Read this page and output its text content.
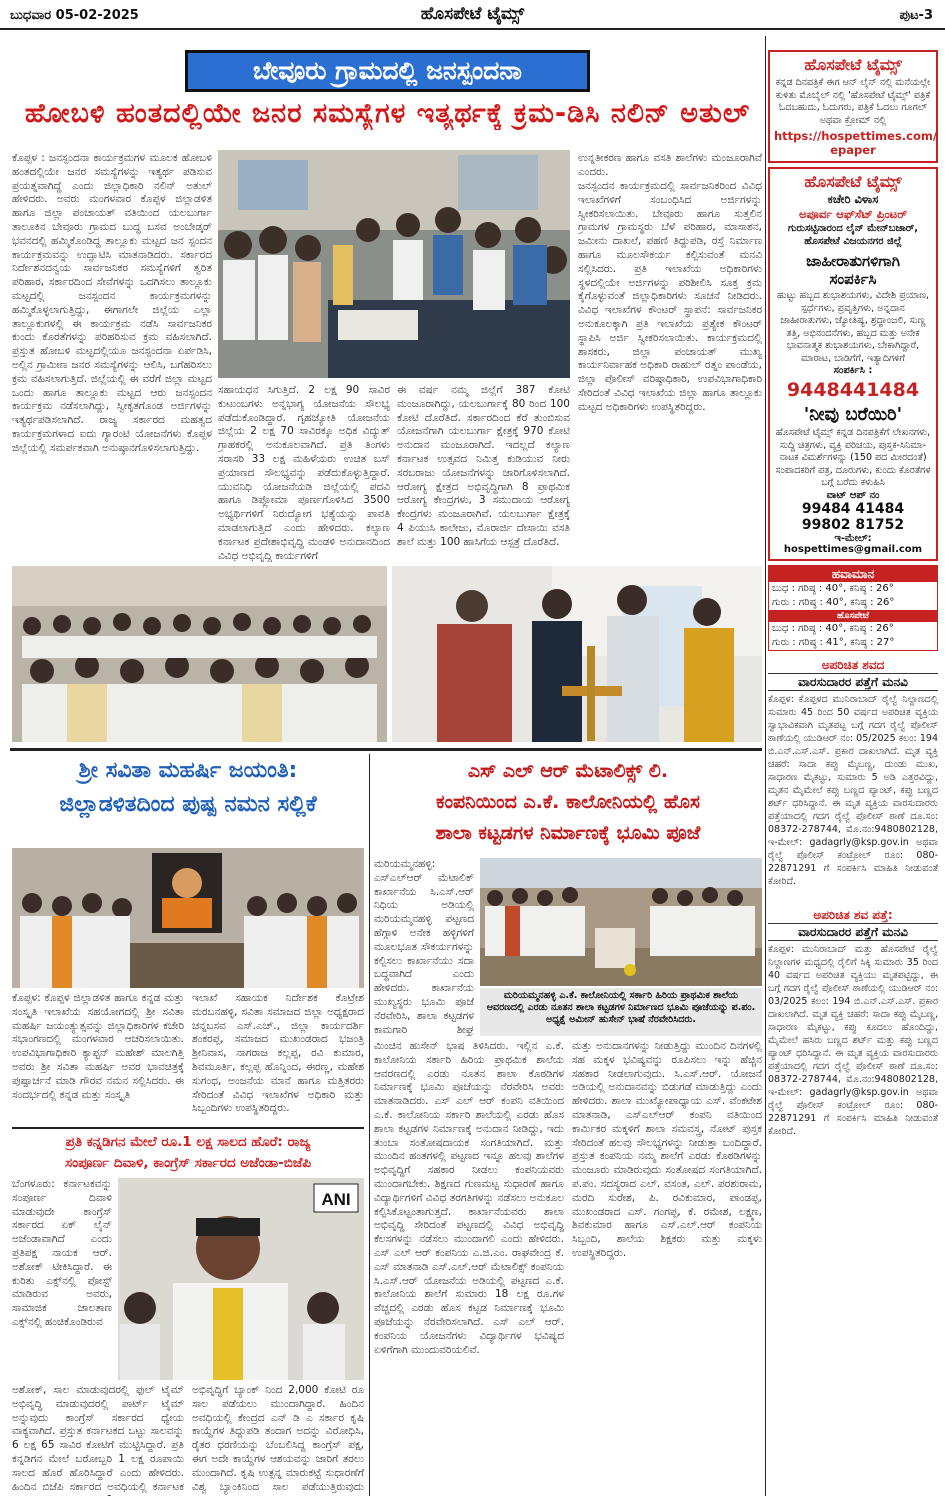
ಬುಧವಾರ 05-02-2025	ಹೊಸಪೇಟೆ ಟೈಮ್ಸ್	ಪುಟ-3
ಬೇವೂರು ಗ್ರಾಮದಲ್ಲಿ ಜನಸ್ಪಂದನಾ
ಹೋಬಳಿ ಹಂತದಲ್ಲಿಯೇ ಜನರ ಸಮಸ್ಯೆಗಳ ಇತ್ಯರ್ಥಕ್ಕೆ ಕ್ರಮ-ಡಿಸಿ ನಲಿನ್ ಅತುಲ್
ಕೊಪ್ಪಳ : ಜನಸ್ಪಂದನಾ ಕಾರ್ಯಕ್ರಮಗಳ ಮೂಲಕ ಹೋಬಳಿ ಹಂತದಲ್ಲಿಯೇ ಜನರ ಸಮಸ್ಯೆಗಳನ್ನು ಇತ್ಯರ್ಥ ಪಡಿಸುವ ಪ್ರಯತ್ನವಾಗಿದ್ದೆ ಎಂದು ಜಿಲ್ಲಾಧಿಕಾರಿ ನಲಿನ್ ಅತುಲ್ ಹೇಳಿದರು. ಅವರು ಮಂಗಳವಾರ ಕೊಪ್ಪಳ ಜಿಲ್ಲಾಡಳಿತ ಹಾಗೂ ಜಿಲ್ಲಾ ಪಂಚಾಯತ್ ವತಿಯಿಂದ ಯಲಬುರ್ಗಾ ತಾಲೂಕಿನ ಬೇವೂರು ಗ್ರಾಮದ ಬುದ್ಧ ಬಸವ ಅಂಬೇಡ್ಕರ್ ಭವನದಲ್ಲಿ ಹಮ್ಮಿಕೊಂಡಿದ್ದ ತಾಲ್ಲೂಕು ಮಟ್ಟದ ಜನ ಸ್ಪಂದನ ಕಾರ್ಯಕ್ರಮವನ್ನು ಉದ್ಘಾಟಿಸಿ ಮಾತನಾಡಿದರು. ಸರ್ಕಾರದ ನಿರ್ದೇಶನದನ್ವಯ ಸಾರ್ವಜನಿಕರ ಸಮಸ್ಯೆಗಳಿಗೆ ತ್ವರಿತ ಪರಿಹಾರ, ಸರ್ಕಾರದಿಂದ ಸೇವೆಗಳನ್ನು ಒದಗಿಸಲು ತಾಲ್ಲೂಕು ಮಟ್ಟದಲ್ಲಿ ಜನಸ್ಪಂದನ ಕಾರ್ಯಕ್ರಮಗಳನ್ನು ಹಮ್ಮಿಕೊಳ್ಳಲಾಗುತ್ತಿದ್ದು, ಈಗಾಗಲೇ ಜಿಲ್ಲೆಯ ಎಲ್ಲಾ ತಾಲ್ಲೂಕುಗಳಲ್ಲಿ ಈ ಕಾರ್ಯಕ್ರಮ ನಡೆಸಿ ಸಾರ್ವಜನಿಕರ ಕುಂದು ಕೊರತೆಗಳನ್ನು ಪರಿಹರಿಸುವ ಕ್ರಮ ವಹಿಸಲಾಗಿದೆ. ಪ್ರಸ್ತುತ ಹೋಬಳಿ ಮಟ್ಟದಲ್ಲಿಯೂ ಜನಸ್ಪಂದನಾ ಏರ್ಪಡಿಸಿ, ಅಲ್ಲಿನ ಗ್ರಾಮೀಣ ಜನರ ಸಮಸ್ಯೆಗಳನ್ನು ಆಲಿಸಿ, ಬಗೆಹರಿಸಲು ಕ್ರಮ ವಹಿಸಲಾಗುತ್ತಿದೆ. ಜಿಲ್ಲೆಯಲ್ಲಿ ಈ ವರೆಗೆ ಜಿಲ್ಲಾ ಮಟ್ಟದ ಒಂದು ಹಾಗೂ ತಾಲ್ಲೂಕು ಮಟ್ಟದ ಆರು ಜನಸ್ಪಂದನ ಕಾರ್ಯಕ್ರಮ ನಡೆಸಲಾಗಿದ್ದು, ಸ್ವೀಕೃತಗೊಂಡ ಅರ್ಜಿಗಳನ್ನು ಇತ್ಯರ್ಥಪಡಿಸಲಾಗಿದೆ. ರಾಜ್ಯ ಸರ್ಕಾರದ ಮಹತ್ವದ ಕಾರ್ಯಕ್ರಮಗಳಾದ ಐದು ಗ್ಯಾರಂಟಿ ಯೋಜನೆಗಳು ಕೊಪ್ಪಳ ಜಿಲ್ಲೆಯಲ್ಲಿ ಸಮರ್ಪಕವಾಗಿ ಅನುಷ್ಠಾನಗೊಳಿಸಲಾಗುತ್ತಿದ್ದು.
ಸಹಾಯಧನ ಸಿಗುತ್ತಿದೆ. 2 ಲಕ್ಷ 90 ಸಾವಿರ ಕುಟುಂಬಗಳು ಅನ್ನಭಾಗ್ಯ ಯೋಜನೆಯ ಸೌಲಭ್ಯ ಪಡೆದುಕೊಂಡಿದ್ದಾರೆ. ಗೃಹಜ್ಯೋತಿ ಯೋಜನೆಯ ಜಿಲ್ಲೆಯ 2 ಲಕ್ಷ 70 ಸಾವಿರಕ್ಕೂ ಅಧಿಕ ವಿದ್ಯುತ್ ಗ್ರಾಹಕರಲ್ಲಿ ಅನುಕೂಲವಾಗಿದೆ. ಪ್ರತಿ ತಿಂಗಳು ಸರಾಸರಿ 33 ಲಕ್ಷ ಮಹಿಳೆಯರು ಉಚಿತ ಬಸ್ ಪ್ರಯಾಣದ ಸೌಲಭ್ಯವನ್ನು ಪಡೆದುಕೊಳ್ಳುತ್ತಿದ್ದಾರೆ. ಯುವನಿಧಿ ಯೋಜನೆಯಡಿ ಜಿಲ್ಲೆಯಲ್ಲಿ ಪದವಿ ಹಾಗೂ ಡಿಪ್ಲೋಮಾ ಪೂರ್ಣಗೊಳಿಸಿದ 3500 ಅಭ್ಯರ್ಥಿಗಳಿಗೆ ನಿರುದ್ಯೋಗ ಭತ್ಯೆಯನ್ನು ಪಾವತಿ ಮಾಡಲಾಗುತ್ತಿದೆ ಎಂದು ಹೇಳಿದರು. ಕಲ್ಯಾಣ ಕರ್ನಾಟಕ ಪ್ರದೇಶಾಭಿವೃದ್ಧಿ ಮಂಡಳಿ ಅನುದಾನದಿಂದ ವಿವಿಧ ಅಭಿವೃದ್ಧಿ ಕಾರ್ಯಗಳಿಗೆ
ಈ ವರ್ಷ ನಮ್ಮ ಜಿಲ್ಲೆಗೆ 387 ಕೋಟಿ ಮಂಜೂರಾಗಿದ್ದು, ಯಲಬುರ್ಗಾಕ್ಕೆ 80 ರಿಂದ 100 ಕೋಟಿ ದೊರೆತಿದೆ. ಸರ್ಕಾರದಿಂದ ಕೆರೆ ತುಂಬಿಸುವ ಯೋಜನೆಗಾಗಿ ಯಲಬುರ್ಗಾ ಕ್ಷೇತ್ರಕ್ಕೆ 970 ಕೋಟಿ ಅನುದಾನ ಮಂಜೂರಾಗಿದೆ. ಇದಲ್ಲದೆ ಕಲ್ಯಾಣ ಕರ್ನಾಟಕ ಉತ್ಸವದ ನಿಮಿತ್ತ ಕುಡಿಯುವ ನೀರು ಸರಬರಾಜು ಯೋಜನೆಗಳನ್ನು ಜಾರಿಗೊಳಿಸಲಾಗಿದೆ. ಆರೋಗ್ಯ ಕ್ಷೇತ್ರದ ಅಭಿವೃದ್ಧಿಗಾಗಿ 8 ಪ್ರಾಥಮಿಕ ಆರೋಗ್ಯ ಕೇಂದ್ರಗಳು, 3 ಸಮುದಾಯ ಆರೋಗ್ಯ ಕೇಂದ್ರಗಳು ಮಂಜೂರಾಗಿವೆ. ಯಲಬುರ್ಗಾ ಕ್ಷೇತ್ರಕ್ಕೆ 4 ಪಿಯುಸಿ ಕಾಲೇಜು, ಮೊರಾರ್ಜಿ ದೇಸಾಯಿ ವಸತಿ ಶಾಲೆ ಮತ್ತು 100 ಹಾಸಿಗೆಯ ಆಸ್ಪತ್ರೆ ದೊರೆತಿದೆ.
ಉನ್ನತೀಕರಣ ಹಾಗೂ ವಸತಿ ಶಾಲೆಗಳು ಮಂಜೂರಾಗಿವೆ ಎಂದರು.
ಜನಸ್ಪಂದನ ಕಾರ್ಯಕ್ರಮದಲ್ಲಿ ಸಾರ್ವಜನಿಕರಿಂದ ವಿವಿಧ ಇಲಾಖೆಗಳಿಗೆ ಸಂಬಂಧಿಸಿದ ಅರ್ಜಿಗಳನ್ನು ಸ್ವೀಕರಿಸಲಾಯಿತು. ಬೇವೂರು ಹಾಗೂ ಸುತ್ತಲಿನ ಗ್ರಾಮಗಳ ಗ್ರಾಮಸ್ಥರು ಬೆಳೆ ಪರಿಹಾರ, ಮಾಸಾಶನ, ಜಮೀನು ದಾಖಲೆ, ಪಹಣಿ ತಿದ್ದುಪಡಿ, ರಸ್ತೆ ನಿರ್ಮಾಣ ಹಾಗೂ ಮೂಲಸೌಕರ್ಯ ಕಲ್ಪಿಸುವಂತೆ ಮನವಿ ಸಲ್ಲಿಸಿದರು. ಪ್ರತಿ ಇಲಾಖೆಯ ಅಧಿಕಾರಿಗಳು ಸ್ಥಳದಲ್ಲಿಯೇ ಅರ್ಜಿಗಳನ್ನು ಪರಿಶೀಲಿಸಿ ಸೂಕ್ತ ಕ್ರಮ ಕೈಗೊಳ್ಳುವಂತೆ ಜಿಲ್ಲಾಧಿಕಾರಿಗಳು ಸೂಚನೆ ನೀಡಿದರು. ವಿವಿಧ ಇಲಾಖೆಗಳ ಕೌಂಟರ್ ಸ್ಥಾಪನೆ: ಸಾರ್ವಜನಿಕರ ಅನುಕೂಲಕ್ಕಾಗಿ ಪ್ರತಿ ಇಲಾಖೆಯ ಪ್ರತ್ಯೇಕ ಕೌಂಟರ್ ಸ್ಥಾಪಿಸಿ ಅರ್ಜಿ ಸ್ವೀಕರಿಸಲಾಯಿತು. ಕಾರ್ಯಕ್ರಮದಲ್ಲಿ ಶಾಸಕರು, ಜಿಲ್ಲಾ ಪಂಚಾಯತ್ ಮುಖ್ಯ ಕಾರ್ಯನಿರ್ವಾಹಕ ಅಧಿಕಾರಿ ರಾಹುಲ್ ರತ್ನಂ ಪಾಂಡೆಯ, ಜಿಲ್ಲಾ ಪೊಲೀಸ್ ವರಿಷ್ಠಾಧಿಕಾರಿ, ಉಪವಿಭಾಗಾಧಿಕಾರಿ ಸೇರಿದಂತೆ ವಿವಿಧ ಇಲಾಖೆಯ ಜಿಲ್ಲಾ ಹಾಗೂ ತಾಲ್ಲೂಕು ಮಟ್ಟದ ಅಧಿಕಾರಿಗಳು ಉಪಸ್ಥಿತರಿದ್ದರು.
ಶ್ರೀ ಸವಿತಾ ಮಹರ್ಷಿ ಜಯಂತಿ:
ಜಿಲ್ಲಾಡಳಿತದಿಂದ ಪುಷ್ಪ ನಮನ ಸಲ್ಲಿಕೆ
ಕೊಪ್ಪಳ: ಕೊಪ್ಪಳ ಜಿಲ್ಲಾಡಳಿತ ಹಾಗೂ ಕನ್ನಡ ಮತ್ತು ಸಂಸ್ಕೃತಿ ಇಲಾಖೆಯ ಸಹಯೋಗದಲ್ಲಿ ಶ್ರೀ ಸವಿತಾ ಮಹರ್ಷಿ ಜಯಂತ್ಯುತ್ಸವನ್ನು ಜಿಲ್ಲಾಧಿಕಾರಿಗಳ ಕಚೇರಿ ಸಭಾಂಗಣದಲ್ಲಿ ಮಂಗಳವಾರ ಆಚರಿಸಲಾಯಿತು. ಉಪವಿಭಾಗಾಧಿಕಾರಿ ಕ್ಯಾಪ್ಟನ್ ಮಹೇಶ್ ಮಾಲಗಿತ್ತಿ ಅವರು ಶ್ರೀ ಸವಿತಾ ಮಹರ್ಷಿ ಅವರ ಭಾವಚಿತ್ರಕ್ಕೆ ಪುಷ್ಪಾರ್ಚನೆ ಮಾಡಿ ಗೌರವ ನಮನ ಸಲ್ಲಿಸಿದರು. ಈ ಸಂದರ್ಭದಲ್ಲಿ ಕನ್ನಡ ಮತ್ತು ಸಂಸ್ಕೃತಿ
ಇಲಾಖೆ ಸಹಾಯಕ ನಿರ್ದೇಶಕ ಕೊಟ್ರೇಶ ಮರಬನಹಳ್ಳಿ, ಸವಿತಾ ಸಮಾಜದ ಜಿಲ್ಲಾ ಅಧ್ಯಕ್ಷರಾದ ಚನ್ನಬಸವ ಎಸ್.ಎಚ್., ಜಿಲ್ಲಾ ಕಾರ್ಯದರ್ಶಿ ಶಂಕರಪ್ಪ, ಸಮಾಜದ ಮುಖಂಡರಾದ ಭಜಂತ್ರಿ ಶ್ರೀನಿವಾಸ, ನಾಗರಾಜ ಕಲ್ಲಪ್ಪ, ರವಿ ಕುಮಾರ, ಶಿವಮೂರ್ತಿ, ಕಲ್ಲಪ್ಪ ಹೊನ್ನಿಂದ, ಈರಣ್ಣ, ಮಹೇಶ ಸುಗಂಧ, ಅಂಜನೆಯ ಮಾನೆ ಹಾಗೂ ಮತ್ತಿತರರು ಸೇರಿದಂತೆ ವಿವಿಧ ಇಲಾಖೆಗಳ ಅಧಿಕಾರಿ ಮತ್ತು ಸಿಬ್ಬಂದಿಗಳು ಉಪಸ್ಥಿತರಿದ್ದರು.
ಪ್ರತಿ ಕನ್ನಡಿಗನ ಮೇಲೆ ರೂ.1 ಲಕ್ಷ ಸಾಲದ ಹೊರೆ: ರಾಜ್ಯ
ಸಂಪೂರ್ಣ ದಿವಾಳಿ, ಕಾಂಗ್ರೆಸ್ ಸರ್ಕಾರದ ಅಜೆಂಡಾ-ಬಿಜೆಪಿ
ಬೆಂಗಳೂರು: ಕರ್ನಾಟಕವನ್ನು ಸಂಪೂರ್ಣ ದಿವಾಳಿ ಮಾಡುವುದೇ ಕಾಂಗ್ರೆಸ್ ಸರ್ಕಾರದ ಏಕ್ ಲೈನ್ ಅಜೆಂಡಾವಾಗಿದೆ ಎಂದು ಪ್ರತಿಪಕ್ಷ ನಾಯಕ ಆರ್. ಅಶೋಕ್ ಟೀಕಿಸಿದ್ದಾರೆ. ಈ ಕುರಿತು ಎಕ್ಸ್‌ನಲ್ಲಿ ಪೋಸ್ಟ್ ಮಾಡಿರುವ ಅವರು, ಸಾಮಾಜಿಕ ಜಾಲತಾಣ ಎಕ್ಸ್‌ನಲ್ಲಿ ಹಂಚಿಕೊಂಡಿರುವ
ANI
ಅಶೋಕ್, ಸಾಲ ಮಾಡುವುದರಲ್ಲಿ ಫುಲ್ ಟೈಮ್ ಅಭಿವೃದ್ಧಿ ಮಾಡುವುದರಲ್ಲಿ ಪಾರ್ಟ್ ಟೈಮ್ ಅನ್ನುವುದು ಕಾಂಗ್ರೆಸ್ ಸರ್ಕಾರದ ಧ್ಯೇಯ ವಾಕ್ಯವಾಗಿದೆ. ಪ್ರಸ್ತುತ ಕರ್ನಾಟಕದ ಒಟ್ಟು ಸಾಲವನ್ನು 6 ಲಕ್ಷ 65 ಸಾವಿರ ಕೋಟಿಗೆ ಮುಟ್ಟಿಸಿದ್ದಾರೆ. ಪ್ರತಿ ಕನ್ನಡಿಗನ ಮೇಲೆ ಬರೋಬ್ಬರಿ 1 ಲಕ್ಷ ರೂಪಾಯಿ ಸಾಲದ ಹೊರೆ ಹೊರಿಸಿದ್ದಾರೆ ಎಂದು ಹೇಳಿದರು. ಹಿಂದಿನ ಬಿಜೆಪಿ ಸರ್ಕಾರದ ಅವಧಿಯಲ್ಲಿ ಕರ್ನಾಟಕ
ಅಭಿವೃದ್ಧಿಗೆ ಬ್ಯಾಂಕ್ ನಿಂದ 2,000 ಕೋಟಿ ರೂ ಸಾಲ ಪಡೆಯಲು ಮುಂದಾಗಿದ್ದಾರೆ. ಹಿಂದಿನ ಅವಧಿಯಲ್ಲಿ ಕೇಂದ್ರದ ಎನ್ ಡಿ ಎ ಸರ್ಕಾರ ಕೃಷಿ ಕಾಯ್ದೆಗಳ ತಿದ್ದುಪಡಿ ತಂದಾಗ ಅದನ್ನು ವಿರೋಧಿಸಿ, ರೈತರ ಧರಣಿಯನ್ನು ಬೆಂಬಲಿಸಿದ್ದ ಕಾಂಗ್ರೆಸ್ ಪಕ್ಷ, ಈಗ ಅದೇ ಕಾಯ್ದೆಗಳ ಆಶಯವನ್ನು ಜಾರಿಗೆ ತರಲು ಮುಂದಾಗಿದೆ. ಕೃಷಿ ಉತ್ಪನ್ನ ಮಾರುಕಟ್ಟೆ ಸುಧಾರಣೆಗೆ ವಿಶ್ವ ಬ್ಯಾಂಕಿನಿಂದ ಸಾಲ ಪಡೆಯುತ್ತಿರುವುದು
ಎಸ್ ಎಲ್ ಆರ್ ಮೆಟಾಲಿಕ್ಸ್ ಲಿ.
ಕಂಪನಿಯಿಂದ ಎ.ಕೆ. ಕಾಲೋನಿಯಲ್ಲಿ ಹೊಸ
ಶಾಲಾ ಕಟ್ಟಡಗಳ ನಿರ್ಮಾಣಕ್ಕೆ ಭೂಮಿ ಪೂಜೆ
ಮರಿಯಮ್ಮನಹಳ್ಳಿ: ಎಸ್ಎಲ್ಆರ್ ಮೆಟಾಲಿಕ್ ಕಾರ್ಖಾನೆಯ ಸಿ.ಎಸ್.ಆರ್ ನಿಧಿಯ ಅಡಿಯಲ್ಲಿ ಮರಿಯಮ್ಮನಹಳ್ಳಿ ಪಟ್ಟಣದ ಹೆಗ್ಗಾಳಿ ಅನೇಕ ಹಳ್ಳಿಗಳಿಗೆ ಮೂಲಭೂತ ಸೌಕರ್ಯಗಳನ್ನು ಕಲ್ಪಿಸಲು ಕಾರ್ಖಾನೆಯು ಸದಾ ಬದ್ಧವಾಗಿದೆ ಎಂದು ಹೇಳಿದರು. ಕಾರ್ಖಾನೆಯ ಮುಖ್ಯಸ್ಥರು ಭೂಮಿ ಪೂಜೆ ನೆರವೇರಿಸಿ, ಶಾಲಾ ಕಟ್ಟಡಗಳ ಕಾಮಗಾರಿ ಶೀಘ್ರ
ಮರಿಯಮ್ಮನಹಳ್ಳಿ ಎ.ಕೆ. ಕಾಲೋನಿಯಲ್ಲಿ ಸರ್ಕಾರಿ ಹಿರಿಯ ಪ್ರಾಥಮಿಕ ಶಾಲೆಯ ಆವರಣದಲ್ಲಿ ಎರಡು ನೂತನ ಶಾಲಾ ಕಟ್ಟಡಗಳ ನಿರ್ಮಾಣದ ಭೂಮಿ ಪೂಜೆಯನ್ನು ಪ.ಪಂ. ಅಧ್ಯಕ್ಷೆ ಅಮೀನ್ ಹುಸೇನ್ ಭಾಷೆ ನೆರವೇರಿಸಿದರು.
ಮಿಂಚಿನ ಹುಸೇನ್ ಭಾಷ ತಿಳಿಸಿದರು. ಇಲ್ಲಿನ ಎ.ಕೆ. ಕಾಲೋನಿಯ ಸರ್ಕಾರಿ ಹಿರಿಯ ಪ್ರಾಥಮಿಕ ಶಾಲೆಯ ಆವರಣದಲ್ಲಿ ಎರಡು ನೂತನ ಶಾಲಾ ಕೊಠಡಿಗಳ ನಿರ್ಮಾಣಕ್ಕೆ ಭೂಮಿ ಪೂಜೆಯನ್ನು ನೆರವೇರಿಸಿ ಅವರು ಮಾತನಾಡಿದರು. ಎಸ್ ಎಲ್ ಆರ್ ಕಂಪನಿ ವತಿಯಿಂದ ಎ.ಕೆ. ಕಾಲೋನಿಯ ಸರ್ಕಾರಿ ಶಾಲೆಯಲ್ಲಿ ಎರಡು ಹೊಸ ಶಾಲಾ ಕಟ್ಟಡಗಳ ನಿರ್ಮಾಣಕ್ಕೆ ಅನುದಾನ ನೀಡಿದ್ದು, ಇದು ತುಂಬಾ ಸಂತೋಷದಾಯಕ ಸಂಗತಿಯಾಗಿದೆ. ಮತ್ತು ಮುಂದಿನ ಹಂತಗಳಲ್ಲಿ ಪಟ್ಟಣದ ಇನ್ನೂ ಹಲವು ಶಾಲೆಗಳ ಅಭಿವೃದ್ಧಿಗೆ ಸಹಕಾರ ನೀಡಲು ಕಂಪನಿಯವರು ಮುಂದಾಗಬೇಕು. ಶಿಕ್ಷಣದ ಗುಣಮಟ್ಟ ಸುಧಾರಣೆ ಹಾಗೂ ವಿದ್ಯಾರ್ಥಿಗಳಿಗೆ ವಿವಿಧ ತರಗತಿಗಳನ್ನು ನಡೆಸಲು ಅನುಕೂಲ ಕಲ್ಪಿಸಿಕೊಟ್ಟಂತಾಗುತ್ತದೆ. ಕಾರ್ಖಾನೆಯವರು ಶಾಲಾ ಅಭಿವೃದ್ಧಿ ಸೇರಿದಂತೆ ಪಟ್ಟಣದಲ್ಲಿ ವಿವಿಧ ಅಭಿವೃದ್ಧಿ ಕೆಲಸಗಳನ್ನು ನಡೆಸಲು ಮುಂದಾಗಲಿ ಎಂದು ಹೇಳಿದರು. ಎಸ್ ಎಲ್ ಆರ್ ಕಂಪನಿಯ ಎ.ಜಿ.ಎಂ. ರಾಘವೇಂದ್ರ ಕೆ. ಎಸ್ ಮಾತನಾಡಿ ಎಸ್.ಎಲ್.ಆರ್ ಮೆಟಾಲಿಕ್ಸ್ ಕಂಪನಿಯ ಸಿ.ಎಸ್.ಆರ್ ಯೋಜನೆಯ ಅಡಿಯಲ್ಲಿ ಪಟ್ಟಣದ ಎ.ಕೆ. ಕಾಲೋನಿಯ ಶಾಲೆಗೆ ಸುಮಾರು 18 ಲಕ್ಷ ರೂ.ಗಳ ವೆಚ್ಚದಲ್ಲಿ ಎರಡು ಹೊಸ ಕಟ್ಟಡ ನಿರ್ಮಾಣಕ್ಕೆ ಭೂಮಿ ಪೂಜೆಯನ್ನು ನೆರವೇರಿಸಲಾಗಿದೆ. ಎಸ್ ಎಲ್ ಆರ್. ಕಂಪನಿಯ ಯೋಜನೆಗಳು ವಿದ್ಯಾರ್ಥಿಗಳ ಭವಿಷ್ಯದ ಏಳಿಗೆಗಾಗಿ ಮುಂದುವರಿಯಲಿವೆ.
ಮತ್ತು ಅನುದಾನಗಳನ್ನು ನೀಡುತ್ತಿದ್ದು ಮುಂದಿನ ದಿನಗಳಲ್ಲಿ ಸಹ ಮಕ್ಕಳ ಭವಿಷ್ಯವನ್ನು ರೂಪಿಸಲು ಇನ್ನು ಹೆಚ್ಚಿನ ಸಹಕಾರ ನೀಡಲಾಗುವುದು. ಸಿ.ಎಸ್.ಆರ್. ಯೋಜನೆ ಅಡಿಯಲ್ಲಿ ಅನುದಾನವನ್ನು ಬಿಡುಗಡೆ ಮಾಡುತ್ತಿದ್ದು ಎಂದು ಹೇಳಿದರು. ಶಾಲಾ ಮುಖ್ಯೋಪಾಧ್ಯಾಯ ಎಸ್. ವೆಂಕಟೇಶ ಮಾತನಾಡಿ, ಎಸ್ಎಲ್ಆರ್ ಕಂಪನಿ ವತಿಯಿಂದ ಕಾರ್ಮಿಕರ ಮಕ್ಕಳಿಗೆ ಶಾಲಾ ಸಮವಸ್ತ್ರ, ನೋಟ್ ಪುಸ್ತಕ ಸೇರಿದಂತೆ ಹಲವು ಸೌಲಭ್ಯಗಳನ್ನು ನೀಡುತ್ತಾ ಬಂದಿದ್ದಾರೆ. ಪ್ರಸ್ತುತ ಕಂಪನಿಯ ನಮ್ಮ ಶಾಲೆಗೆ ಎರಡು ಕೊಠಡಿಗಳನ್ನು ಮಂಜೂರು ಮಾಡಿರುವುದು ಸಂತೋಷದ ಸಂಗತಿಯಾಗಿದೆ. ಪ.ಪಂ. ಸದಸ್ಯರಾದ ಎಲ್. ವಸಂತ, ಎಲ್. ಪರಶುರಾಮ, ಮರದಿ ಸುರೇಶ, ಪಿ. ರವಿಕುಮಾರ, ಪಾಂಡಪ್ಪ, ಮುಖಂಡರಾದ ಎಸ್. ಗಂಗಪ್ಪ, ಕೆ. ರಮೇಶ, ಲಕ್ಷ್ಮಣ, ಶಿವಕುಮಾರ ಹಾಗೂ ಎಸ್.ಎಲ್.ಆರ್ ಕಂಪನಿಯ ಸಿಬ್ಬಂದಿ, ಶಾಲೆಯ ಶಿಕ್ಷಕರು ಮತ್ತು ಮಕ್ಕಳು ಉಪಸ್ಥಿತರಿದ್ದರು.
ಹೊಸಪೇಟೆ ಟೈಮ್ಸ್
ಕನ್ನಡ ದಿನಪತ್ರಿಕೆ ಈಗ ಆನ್ ಲೈನ್ ನಲ್ಲಿ ಮನೆಯಲ್ಲೇ ಕುಳಿತು ಮೊಬೈಲ್ ನಲ್ಲಿ 'ಹೊಸಪೇಟೆ ಟೈಮ್ಸ್' ಪತ್ರಿಕೆ ಓದಬಹುದು, ಓದುಗರು, ಪತ್ರಿಕೆ ಓದಲು ಗೂಗಲ್ ಅಥವಾ ಕ್ರೋಮ್ ನಲ್ಲಿ
https://hospettimes.com/
epaper
ಹೊಸಪೇಟೆ ಟೈಮ್ಸ್
ಕಚೇರಿ ವಿಳಾಸ
ಅಪೂರ್ವ ಆಫ್‌ಸೆಟ್ ಪ್ರಿಂಟರ್
ಗುರುಸಟ್ಟಿನಾರಂದ ಲೈನ್ ಮೇನ್‌ಬಜಾರ್, ಹೊಸಪೇಟೆ ವಿಜಯನಗರ ಜಿಲ್ಲೆ
ಜಾಹೀರಾತುಗಳಿಗಾಗಿ
ಸಂಪರ್ಕಿಸಿ
ಹುಟ್ಟು ಹಬ್ಬದ ಶುಭಾಶಯಗಳು, ವಿದೇಶಿ ಪ್ರಯಾಣ, ಸ್ಪರ್ಧೆಗಳು, ಪ್ರವೃತ್ತಿಗಳು, ಅನ್ನದಾನ ಜಾಹೀರಾತುಗಳು, ಜ್ಯೋತಿಷ್ಯ, ಶ್ರದ್ಧಾಂಜಲಿ, ಸುಣ್ಣ ತತ್ತಿ, ಅಭಿನಂದನೆಗಳು, ಹಬ್ಬದ ಮತ್ತು ಅನೇಕ ಭಾವನಾತ್ಮಕ ಶುಭಾಶಯಗಳು, ಬೇಕಾಗಿದ್ದಾರೆ, ಮಾರಾಟ, ಬಾಡಿಗೆಗೆ, ಇತ್ಯಾದಿಗಳಿಗೆ
ಸಂಪರ್ಕಿಸಿ :
9448441484
'ನೀವು ಬರೆಯಿರಿ'
ಹೊಸಪೇಟೆ ಟೈಮ್ಸ್ ಕನ್ನಡ ದಿನಪತ್ರಿಕೆಗೆ ಲೇಖನಗಳು, ಸುದ್ದಿ ಚಿತ್ರಗಳು, ವ್ಯಕ್ತಿ ಪರಿಚಯ, ಪುಸ್ತಕ-ಸಿನಿಮಾ-ನಾಟಕ ವಿಮರ್ಶೆಗಳನ್ನು (150 ಪದ ಮೀರದಂತೆ) ಸಂಪಾದಕರಿಗೆ ಪತ್ರ, ದೂರುಗಳು, ಕುಂದು ಕೊರತೆಗಳ ಬಗ್ಗೆ ಬರೆದು ಕಳುಹಿಸಿ
ವಾಟ್ ಆಪ್ ನಂ
99484 41484
99802 81752
ಇ-ಮೇಲ್: hospettimes@gmail.com
ಹವಾಮಾನ
ಬುಧ : ಗರಿಷ್ಠ : 40°, ಕನಿಷ್ಠ : 26°
ಗುರು : ಗರಿಷ್ಠ : 40°, ಕನಿಷ್ಠ : 26°
ಹೊಸಪೇಟೆ
ಬುಧ : ಗರಿಷ್ಠ : 40°, ಕನಿಷ್ಠ : 26°
ಗುರು : ಗರಿಷ್ಠ : 41°, ಕನಿಷ್ಠ : 27°
ಅಪರಿಚಿತ ಶವದ
ವಾರಸುದಾರರ ಪತ್ತೆಗೆ ಮನವಿ
ಕೊಪ್ಪಳ: ಕೊಪ್ಪಳದ ಮುನಿರಾಬಾದ್ ರೈಲ್ವೆ ನಿಲ್ದಾಣದಲ್ಲಿ ಸುಮಾರು 45 ರಿಂದ 50 ವರ್ಷದ ಅಪರಿಚಿತ ವ್ಯಕ್ತಿಯ ಸ್ವಾಭಾವಿಕವಾಗಿ ಮೃತಪಟ್ಟ ಬಗ್ಗೆ ಗದಗ ರೈಲ್ವೆ ಪೊಲೀಸ್ ಠಾಣೆಯಲ್ಲಿ ಯುಡಿಆರ್ ನಂ: 05/2025 ಕಲಂ: 194 ಬಿ.ಎನ್.ಎಸ್.ಎಸ್. ಪ್ರಕಾರ ದಾಖಲಾಗಿದೆ. ಮೃತ ವ್ಯಕ್ತಿ ಚಹರೆ: ಸಾದಾ ಕಪ್ಪು ಮೈಬಣ್ಣ, ದುಂಡು ಮುಖ, ಸಾಧಾರಣ ಮೈಕಟ್ಟು, ಸುಮಾರು 5 ಅಡಿ ಎತ್ತರವಿದ್ದು, ಮೃತನ ಮೈಮೇಲೆ ಕಪ್ಪು ಬಣ್ಣದ ಪ್ಯಾಂಟ್, ಕಪ್ಪು ಬಣ್ಣದ ಶರ್ಟ್ ಧರಿಸಿದ್ದಾನೆ. ಈ ಮೃತ ವ್ಯಕ್ತಿಯ ವಾರಸುದಾರರು ಪತ್ತೆಯಾದಲ್ಲಿ ಗದಗ ರೈಲ್ವೆ ಪೊಲೀಸ್ ಠಾಣೆ ದೂ.ಸಂ: 08372-278744, ಮೊ.ನಂ:9480802128, ಇ-ಮೇಲ್: gadagrly@ksp.gov.in ಅಥವಾ ರೈಲ್ವೆ ಪೊಲೀಸ್ ಕಂಟ್ರೋಲ್ ರೂಂ: 080-22871291 ಗೆ ಸಂಪರ್ಕಿಸಿ ಮಾಹಿತಿ ನೀಡುವಂತೆ ಕೋರಿದೆ.
ಅಪರಿಚಿತ ಶವ ಪತ್ತೆ:
ವಾರಸುದಾರರ ಪತ್ತೆಗೆ ಮನವಿ
ಕೊಪ್ಪಳ: ಮುನಿರಾಬಾದ್ ಮತ್ತು ಹೊಸಪೇಟೆ ರೈಲ್ವೆ ನಿಲ್ದಾಣಗಳ ಮಧ್ಯದಲ್ಲಿ ರೈಲಿಗೆ ಸಿಕ್ಕಿ ಸುಮಾರು 35 ರಿಂದ 40 ವರ್ಷದ ಅಪರಿಚಿತ ವ್ಯಕ್ತಿಯು ಮೃತಪಟ್ಟಿದ್ದು, ಈ ಬಗ್ಗೆ ಗದಗ ರೈಲ್ವೆ ಪೊಲೀಸ್ ಠಾಣೆಯಲ್ಲಿ ಯುಡಿಆರ್ ನಂ: 03/2025 ಕಲಂ: 194 ಬಿ.ಎನ್.ಎಸ್.ಎಸ್. ಪ್ರಕಾರ ದಾಖಲಾಗಿದೆ. ಮೃತ ವ್ಯಕ್ತಿ ಚಹರೆ: ಸಾದಾ ಕಪ್ಪು ಮೈಬಣ್ಣ, ಸಾಧಾರಣ ಮೈಕಟ್ಟು, ಕಪ್ಪು ಕೂದಲು ಹೊಂದಿದ್ದು, ಮೈಮೇಲೆ ಹಸಿರು ಬಣ್ಣದ ಶರ್ಟ್ ಮತ್ತು ಕಪ್ಪು ಬಣ್ಣದ ಪ್ಯಾಂಟ್ ಧರಿಸಿದ್ದಾನೆ. ಈ ಮೃತ ವ್ಯಕ್ತಿಯ ವಾರಸುದಾರರು ಪತ್ತೆಯಾದಲ್ಲಿ ಗದಗ ರೈಲ್ವೆ ಪೊಲೀಸ್ ಠಾಣೆ ದೂ.ಸಂ: 08372-278744, ಮೊ.ನಂ:9480802128, ಇ-ಮೇಲ್: gadagrly@ksp.gov.in ಅಥವಾ ರೈಲ್ವೆ ಪೊಲೀಸ್ ಕಂಟ್ರೋಲ್ ರೂಂ: 080-22871291 ಗೆ ಸಂಪರ್ಕಿಸಿ ಮಾಹಿತಿ ನೀಡುವಂತೆ ಕೋರಿದೆ.
